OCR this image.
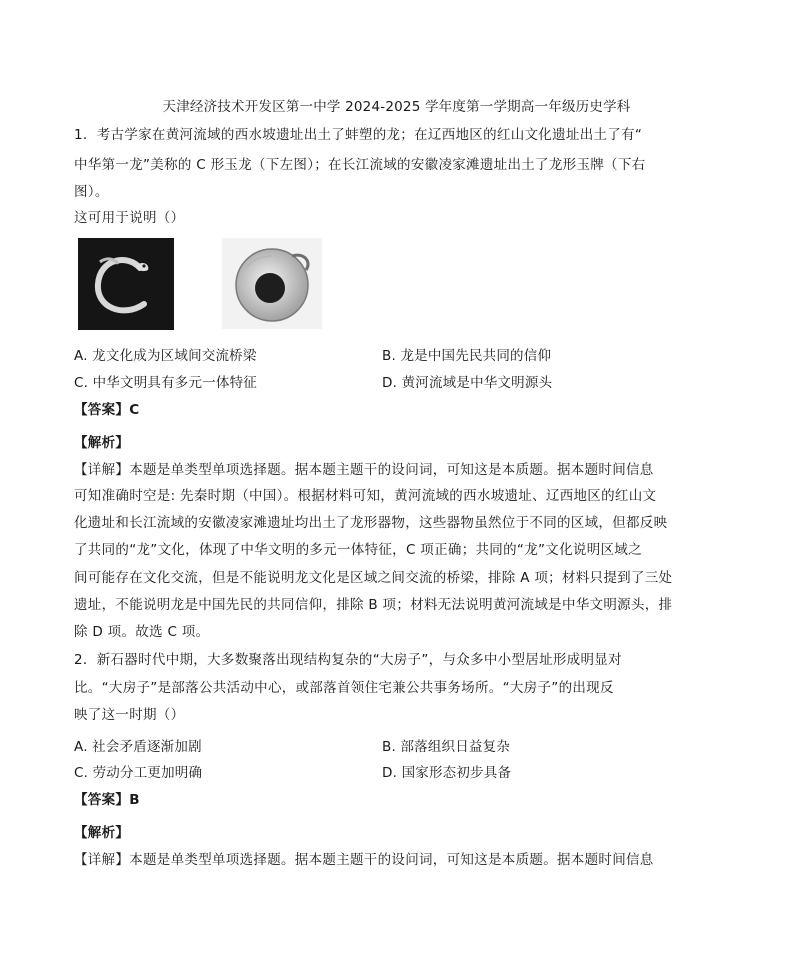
天津经济技术开发区第一中学 2024-2025 学年度第一学期高一年级历史学科
1．考古学家在黄河流域的西水坡遗址出土了蚌塑的龙；在辽西地区的红山文化遗址出土了有“
中华第一龙”美称的 C 形玉龙（下左图）；在长江流域的安徽凌家滩遗址出土了龙形玉牌（下右
图）。
这可用于说明（）
A. 龙文化成为区域间交流桥梁	B. 龙是中国先民共同的信仰
C. 中华文明具有多元一体特征	D. 黄河流域是中华文明源头
【答案】C
【解析】
【详解】本题是单类型单项选择题。据本题主题干的设问词，可知这是本质题。据本题时间信息
可知准确时空是: 先秦时期（中国）。根据材料可知，黄河流域的西水坡遗址、辽西地区的红山文
化遗址和长江流域的安徽凌家滩遗址均出土了龙形器物，这些器物虽然位于不同的区域，但都反映
了共同的“龙”文化，体现了中华文明的多元一体特征，C 项正确；共同的“龙”文化说明区域之
间可能存在文化交流，但是不能说明龙文化是区域之间交流的桥梁，排除 A 项；材料只提到了三处
遗址，不能说明龙是中国先民的共同信仰，排除 B 项；材料无法说明黄河流域是中华文明源头，排
除 D 项。故选 C 项。
2．新石器时代中期，大多数聚落出现结构复杂的“大房子”，与众多中小型居址形成明显对
比。“大房子”是部落公共活动中心，或部落首领住宅兼公共事务场所。“大房子”的出现反
映了这一时期（）
A. 社会矛盾逐渐加剧	B. 部落组织日益复杂
C. 劳动分工更加明确	D. 国家形态初步具备
【答案】B
【解析】
【详解】本题是单类型单项选择题。据本题主题干的设问词，可知这是本质题。据本题时间信息
